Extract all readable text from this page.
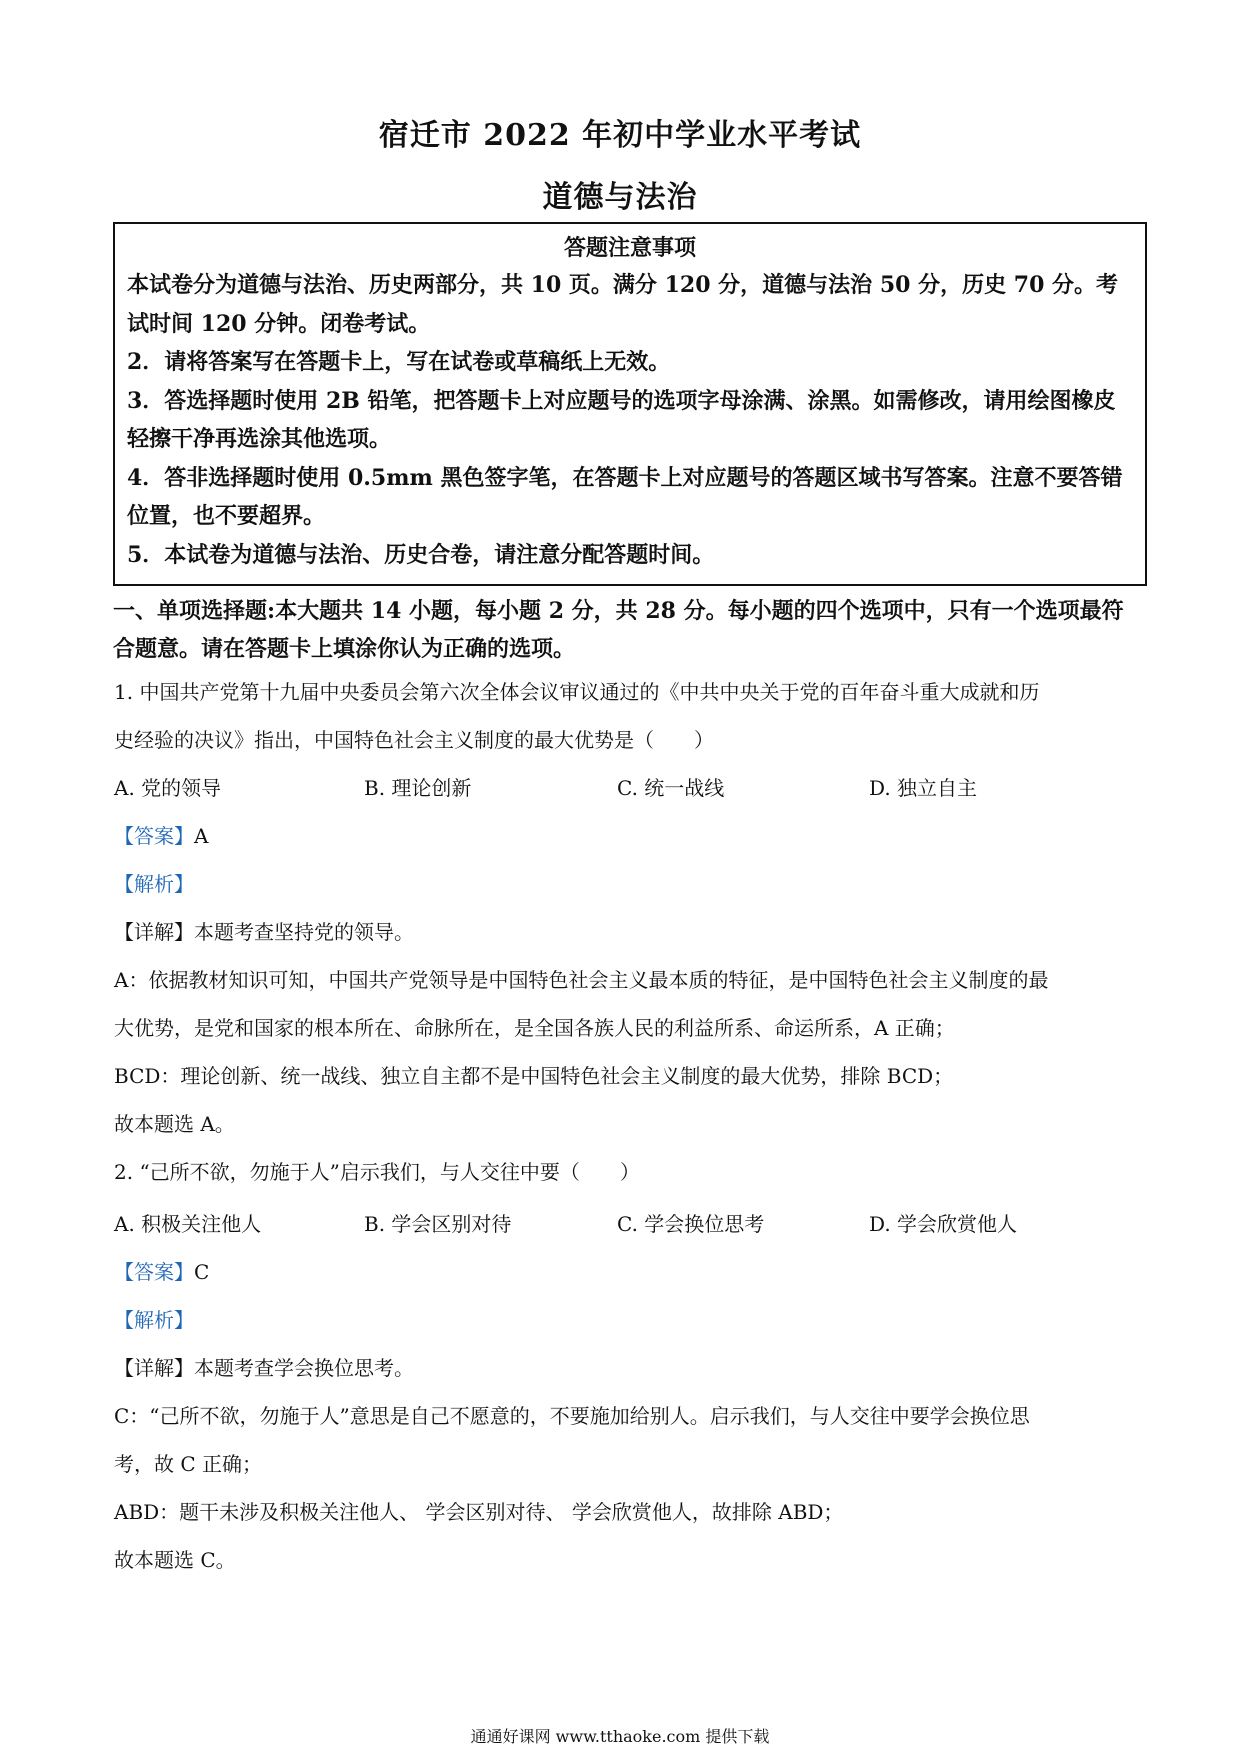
宿迁市 2022 年初中学业水平考试
道德与法治
答题注意事项

本试卷分为道德与法治、历史两部分，共 10 页。满分 120 分，道德与法治 50 分，历史 70 分。考试时间 120 分钟。闭卷考试。

2．请将答案写在答题卡上，写在试卷或草稿纸上无效。

3．答选择题时使用 2B 铅笔，把答题卡上对应题号的选项字母涂满、涂黑。如需修改，请用绘图橡皮轻擦干净再选涂其他选项。

4．答非选择题时使用 0.5mm 黑色签字笔，在答题卡上对应题号的答题区域书写答案。注意不要答错位置，也不要超界。

5．本试卷为道德与法治、历史合卷，请注意分配答题时间。

一、单项选择题:本大题共 14 小题，每小题 2 分，共 28 分。每小题的四个选项中，只有一个选项最符合题意。请在答题卡上填涂你认为正确的选项。
1. 中国共产党第十九届中央委员会第六次全体会议审议通过的《中共中央关于党的百年奋斗重大成就和历
史经验的决议》指出，中国特色社会主义制度的最大优势是（　　）
A. 党的领导	B. 理论创新	C. 统一战线	D. 独立自主
【答案】A
【解析】
【详解】本题考查坚持党的领导。
A：依据教材知识可知，中国共产党领导是中国特色社会主义最本质的特征，是中国特色社会主义制度的最
大优势，是党和国家的根本所在、命脉所在，是全国各族人民的利益所系、命运所系，A 正确；
BCD：理论创新、统一战线、独立自主都不是中国特色社会主义制度的最大优势，排除 BCD；
故本题选 A。
2. “己所不欲，勿施于人”启示我们，与人交往中要（　　）
A. 积极关注他人	B. 学会区别对待	C. 学会换位思考	D. 学会欣赏他人
【答案】C
【解析】
【详解】本题考查学会换位思考。
C：“己所不欲，勿施于人”意思是自己不愿意的，不要施加给别人。启示我们，与人交往中要学会换位思
考，故 C 正确；
ABD：题干未涉及积极关注他人、 学会区别对待、 学会欣赏他人，故排除 ABD；
故本题选 C。
通通好课网 www.tthaoke.com 提供下载
